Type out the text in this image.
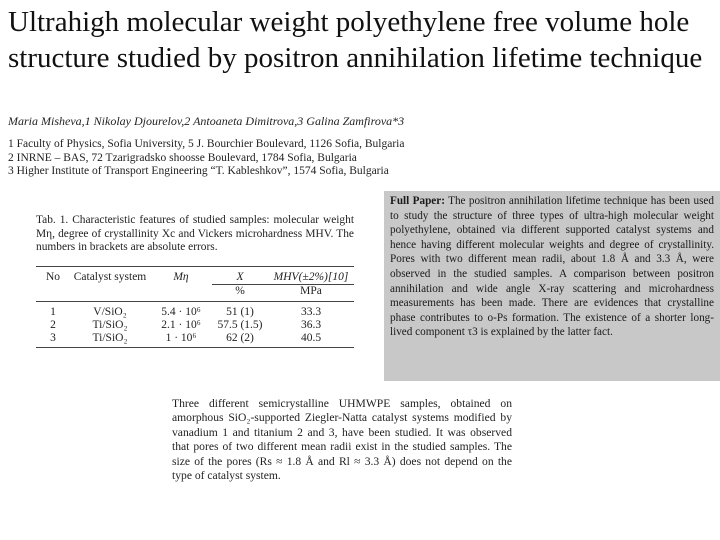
Ultrahigh molecular weight polyethylene free volume hole structure studied by positron annihilation lifetime technique
Maria Misheva,1 Nikolay Djourelov,2 Antoaneta Dimitrova,3 Galina Zamfirova*3
1 Faculty of Physics, Sofia University, 5 J. Bourchier Boulevard, 1126 Sofia, Bulgaria
2 INRNE – BAS, 72 Tzarigradsko shoosse Boulevard, 1784 Sofia, Bulgaria
3 Higher Institute of Transport Engineering “T. Kableshkov”, 1574 Sofia, Bulgaria
Full Paper: The positron annihilation lifetime technique has been used to study the structure of three types of ultra-high molecular weight polyethylene, obtained via different supported catalyst systems and hence having different molecular weights and degree of crystallinity. Pores with two different mean radii, about 1.8 Å and 3.3 Å, were observed in the studied samples. A comparison between positron annihilation and wide angle X-ray scattering and microhardness measurements has been made. There are evidences that crystalline phase contributes to o-Ps formation. The existence of a shorter long-lived component τ3 is explained by the latter fact.
Tab. 1. Characteristic features of studied samples: molecular weight Mη, degree of crystallinity Xc and Vickers microhardness MHV. The numbers in brackets are absolute errors.
No	Catalyst system	Mη	X	MHV(±2%)[10]
%	MPa
1	V/SiO₂	5.4 · 10⁶	51 (1)	33.3
2	Ti/SiO₂	2.1 · 10⁶	57.5 (1.5)	36.3
3	Ti/SiO₂	1 · 10⁶	62 (2)	40.5
Three different semicrystalline UHMWPE samples, obtained on amorphous SiO₂-supported Ziegler-Natta catalyst systems modified by vanadium 1 and titanium 2 and 3, have been studied. It was observed that pores of two different mean radii exist in the studied samples. The size of the pores (Rs ≈ 1.8 Å and Rl ≈ 3.3 Å) does not depend on the type of catalyst system.
